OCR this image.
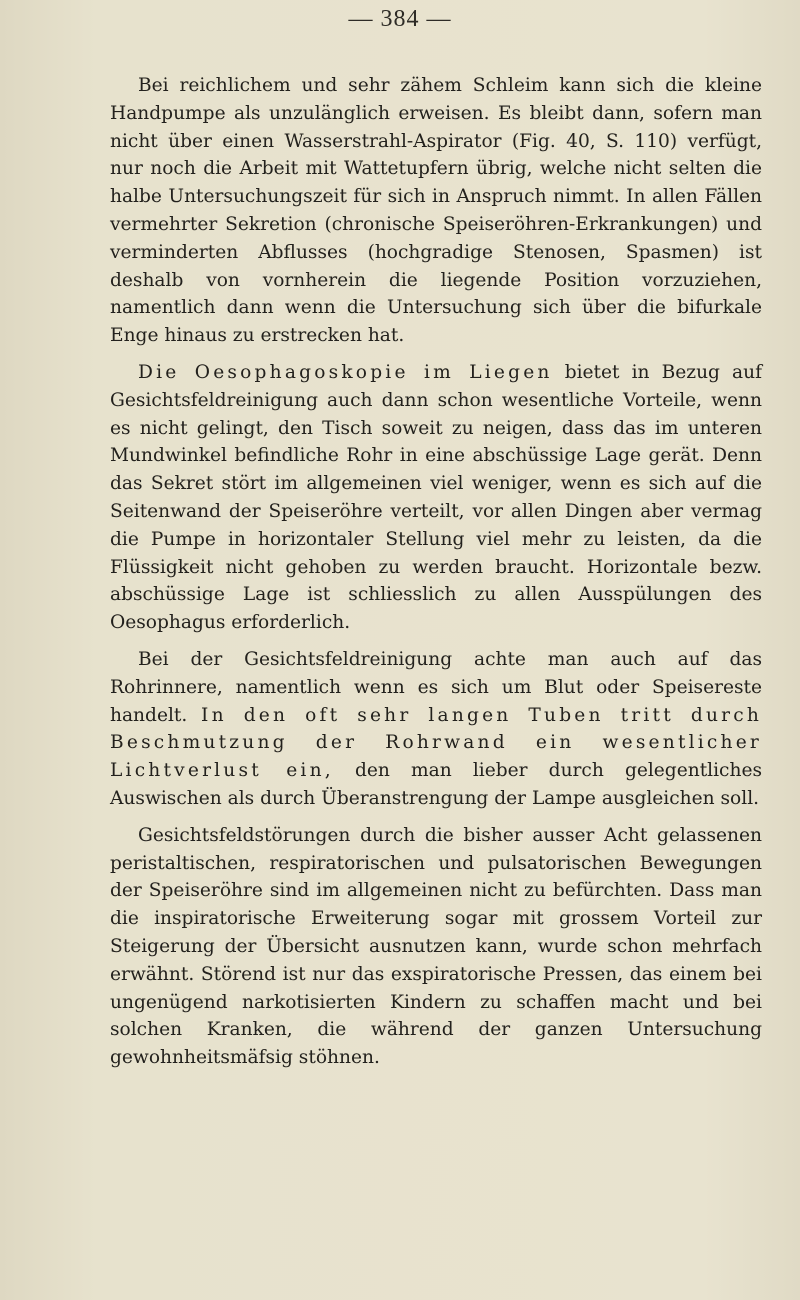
— 384 —

Bei reichlichem und sehr zähem Schleim kann sich die kleine Handpumpe als unzulänglich erweisen. Es bleibt dann, sofern man nicht über einen Wasserstrahl-Aspirator (Fig. 40, S. 110) verfügt, nur noch die Arbeit mit Wattetupfern übrig, welche nicht selten die halbe Untersuchungszeit für sich in Anspruch nimmt. In allen Fällen vermehrter Sekretion (chronische Speiseröhren-Erkrankungen) und verminderten Abflusses (hochgradige Stenosen, Spasmen) ist deshalb von vornherein die liegende Position vorzuziehen, namentlich dann wenn die Untersuchung sich über die bifurkale Enge hinaus zu erstrecken hat.

Die Oesophagoskopie im Liegen bietet in Bezug auf Gesichtsfeldreinigung auch dann schon wesentliche Vorteile, wenn es nicht gelingt, den Tisch soweit zu neigen, dass das im unteren Mundwinkel befindliche Rohr in eine abschüssige Lage gerät. Denn das Sekret stört im allgemeinen viel weniger, wenn es sich auf die Seitenwand der Speiseröhre verteilt, vor allen Dingen aber vermag die Pumpe in horizontaler Stellung viel mehr zu leisten, da die Flüssigkeit nicht gehoben zu werden braucht. Horizontale bezw. abschüssige Lage ist schliesslich zu allen Ausspülungen des Oesophagus erforderlich.

Bei der Gesichtsfeldreinigung achte man auch auf das Rohrinnere, namentlich wenn es sich um Blut oder Speisereste handelt. In den oft sehr langen Tuben tritt durch Beschmutzung der Rohrwand ein wesentlicher Lichtverlust ein, den man lieber durch gelegentliches Auswischen als durch Überanstrengung der Lampe ausgleichen soll.

Gesichtsfeldstörungen durch die bisher ausser Acht gelassenen peristaltischen, respiratorischen und pulsatorischen Bewegungen der Speiseröhre sind im allgemeinen nicht zu befürchten. Dass man die inspiratorische Erweiterung sogar mit grossem Vorteil zur Steigerung der Übersicht ausnutzen kann, wurde schon mehrfach erwähnt. Störend ist nur das exspiratorische Pressen, das einem bei ungenügend narkotisierten Kindern zu schaffen macht und bei solchen Kranken, die während der ganzen Untersuchung gewohnheitsmäfsig stöhnen.
